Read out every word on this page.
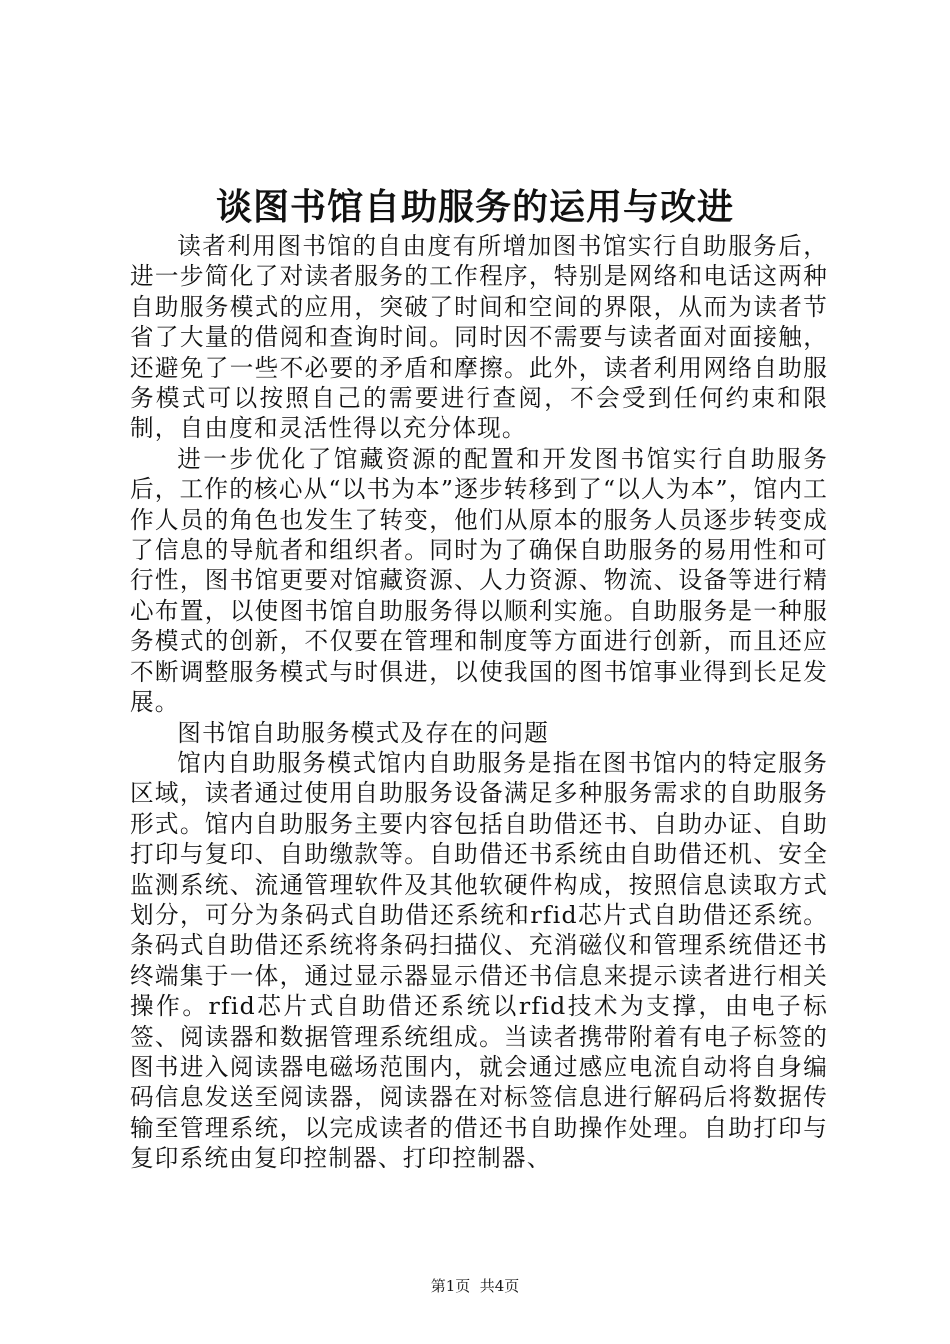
谈图书馆自助服务的运用与改进

读者利用图书馆的自由度有所增加图书馆实行自助服务后，进一步简化了对读者服务的工作程序，特别是网络和电话这两种自助服务模式的应用，突破了时间和空间的界限，从而为读者节省了大量的借阅和查询时间。同时因不需要与读者面对面接触，还避免了一些不必要的矛盾和摩擦。此外，读者利用网络自助服务模式可以按照自己的需要进行查阅，不会受到任何约束和限制，自由度和灵活性得以充分体现。

进一步优化了馆藏资源的配置和开发图书馆实行自助服务后，工作的核心从“以书为本”逐步转移到了“以人为本”，馆内工作人员的角色也发生了转变，他们从原本的服务人员逐步转变成了信息的导航者和组织者。同时为了确保自助服务的易用性和可行性，图书馆更要对馆藏资源、人力资源、物流、设备等进行精心布置，以使图书馆自助服务得以顺利实施。自助服务是一种服务模式的创新，不仅要在管理和制度等方面进行创新，而且还应不断调整服务模式与时俱进，以使我国的图书馆事业得到长足发展。

图书馆自助服务模式及存在的问题

馆内自助服务模式馆内自助服务是指在图书馆内的特定服务区域，读者通过使用自助服务设备满足多种服务需求的自助服务形式。馆内自助服务主要内容包括自助借还书、自助办证、自助打印与复印、自助缴款等。自助借还书系统由自助借还机、安全监测系统、流通管理软件及其他软硬件构成，按照信息读取方式划分，可分为条码式自助借还系统和rfid芯片式自助借还系统。条码式自助借还系统将条码扫描仪、充消磁仪和管理系统借还书终端集于一体，通过显示器显示借还书信息来提示读者进行相关操作。rfid芯片式自助借还系统以rfid技术为支撑，由电子标签、阅读器和数据管理系统组成。当读者携带附着有电子标签的图书进入阅读器电磁场范围内，就会通过感应电流自动将自身编码信息发送至阅读器，阅读器在对标签信息进行解码后将数据传输至管理系统，以完成读者的借还书自助操作处理。自助打印与复印系统由复印控制器、打印控制器、

第1页  共4页
